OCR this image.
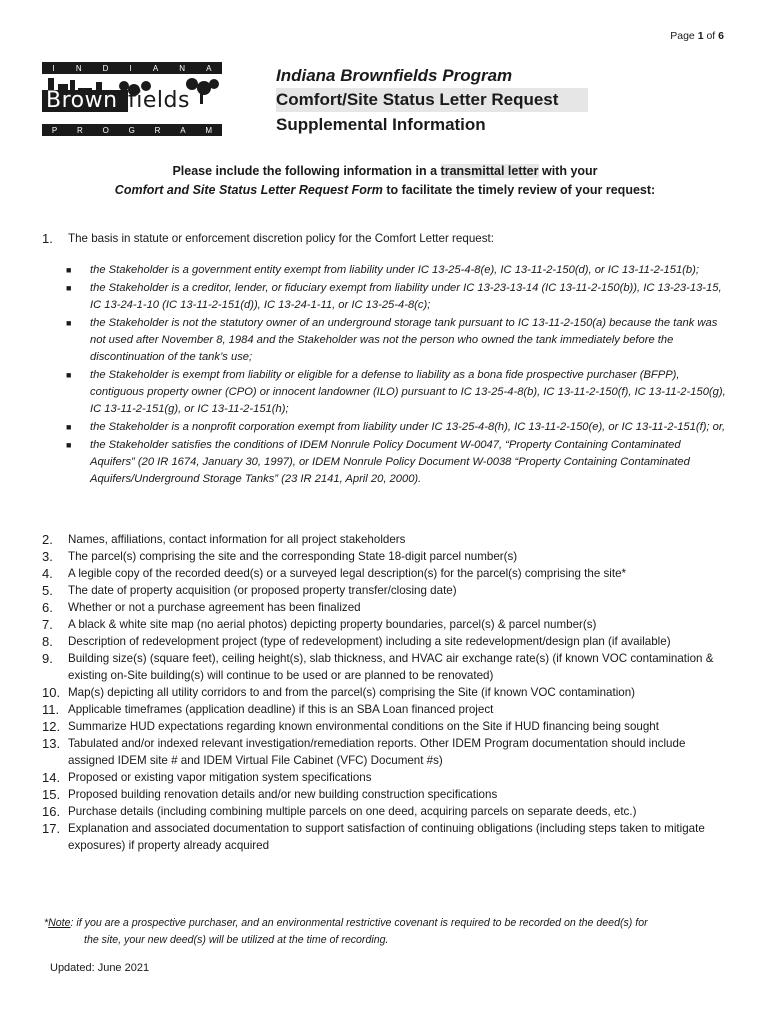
Page 1 of 6
I	N	D	I	A	N	A
Brown fields
P R O G R A M
Indiana Brownfields Program
Comfort/Site Status Letter Request
Supplemental Information
Please include the following information in a transmittal letter with your
Comfort and Site Status Letter Request Form to facilitate the timely review of your request:
1.	The basis in statute or enforcement discretion policy for the Comfort Letter request:
■	the Stakeholder is a government entity exempt from liability under IC 13-25-4-8(e), IC 13-11-2-150(d), or IC 13-11-2-151(b);
■	the Stakeholder is a creditor, lender, or fiduciary exempt from liability under IC 13-23-13-14 (IC 13-11-2-150(b)), IC 13-23-13-15, IC 13-24-1-10 (IC 13-11-2-151(d)), IC 13-24-1-11, or IC 13-25-4-8(c);
■	the Stakeholder is not the statutory owner of an underground storage tank pursuant to IC 13-11-2-150(a) because the tank was not used after November 8, 1984 and the Stakeholder was not the person who owned the tank immediately before the discontinuation of the tank’s use;
■	the Stakeholder is exempt from liability or eligible for a defense to liability as a bona fide prospective purchaser (BFPP), contiguous property owner (CPO) or innocent landowner (ILO) pursuant to IC 13-25-4-8(b), IC 13-11-2-150(f), IC 13-11-2-150(g), IC 13-11-2-151(g), or IC 13-11-2-151(h);
■	the Stakeholder is a nonprofit corporation exempt from liability under IC 13-25-4-8(h), IC 13-11-2-150(e), or IC 13-11-2-151(f); or,
■	the Stakeholder satisfies the conditions of IDEM Nonrule Policy Document W-0047, “Property Containing Contaminated Aquifers” (20 IR 1674, January 30, 1997), or IDEM Nonrule Policy Document W-0038 “Property Containing Contaminated Aquifers/Underground Storage Tanks” (23 IR 2141, April 20, 2000).
2.	Names, affiliations, contact information for all project stakeholders
3.	The parcel(s) comprising the site and the corresponding State 18-digit parcel number(s)
4.	A legible copy of the recorded deed(s) or a surveyed legal description(s) for the parcel(s) comprising the site*
5.	The date of property acquisition (or proposed property transfer/closing date)
6.	Whether or not a purchase agreement has been finalized
7.	A black & white site map (no aerial photos) depicting property boundaries, parcel(s) & parcel number(s)
8.	Description of redevelopment project (type of redevelopment) including a site redevelopment/design plan (if available)
9.	Building size(s) (square feet), ceiling height(s), slab thickness, and HVAC air exchange rate(s) (if known VOC contamination & existing on-Site building(s) will continue to be used or are planned to be renovated)
10. Map(s) depicting all utility corridors to and from the parcel(s) comprising the Site (if known VOC contamination)
11. Applicable timeframes (application deadline) if this is an SBA Loan financed project
12. Summarize HUD expectations regarding known environmental conditions on the Site if HUD financing being sought
13. Tabulated and/or indexed relevant investigation/remediation reports. Other IDEM Program documentation should include assigned IDEM site # and IDEM Virtual File Cabinet (VFC) Document #s)
14. Proposed or existing vapor mitigation system specifications
15. Proposed building renovation details and/or new building construction specifications
16. Purchase details (including combining multiple parcels on one deed, acquiring parcels on separate deeds, etc.)
17. Explanation and associated documentation to support satisfaction of continuing obligations (including steps taken to mitigate exposures) if property already acquired
*Note: if you are a prospective purchaser, and an environmental restrictive covenant is required to be recorded on the deed(s) for
the site, your new deed(s) will be utilized at the time of recording.
Updated: June 2021
